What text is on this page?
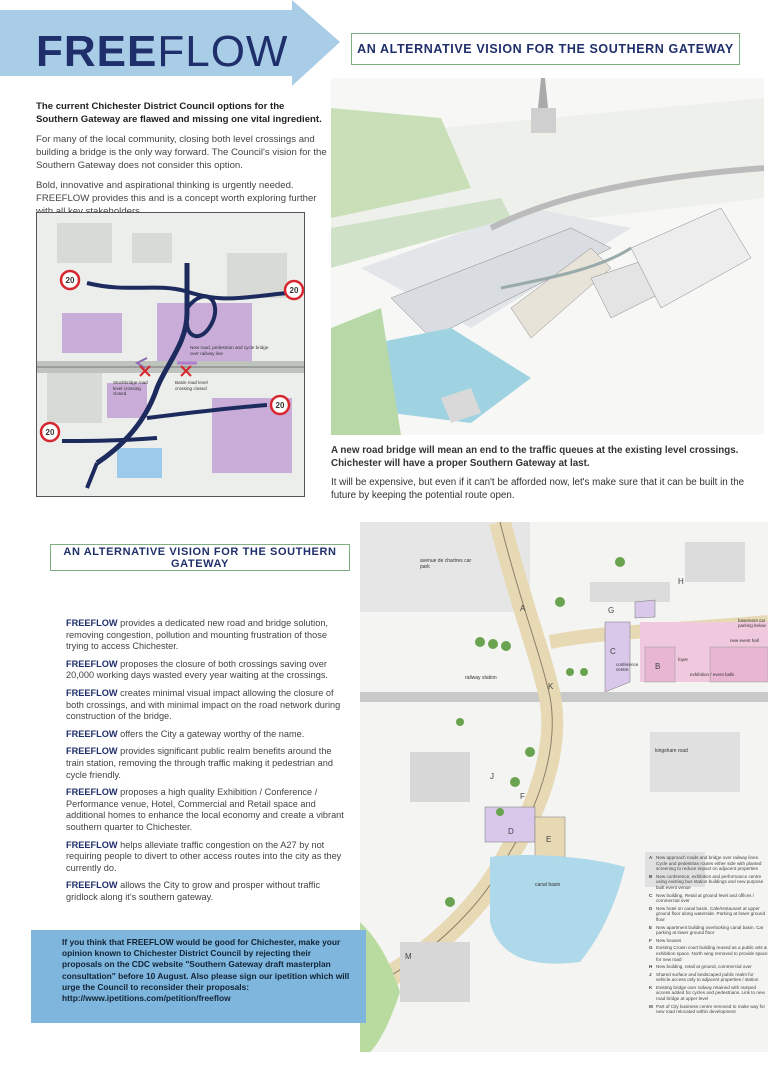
FREEFLOW	AN ALTERNATIVE VISION FOR THE SOUTHERN GATEWAY

The current Chichester District Council options for the Southern Gateway are flawed and missing one vital ingredient.

For many of the local community, closing both level crossings and building a bridge is the only way forward. The Council's vision for the Southern Gateway does not consider this option.

Bold, innovative and aspirational thinking is urgently needed. FREEFLOW provides this and is a concept worth exploring further

20
20
20
20
New road, pedestrian and cycle bridge over railway line
Stockbridge road level crossing closed
Basin road level crossing closed

A new road bridge will mean an end to the traffic queues at the existing level crossings. Chichester will have a proper Southern Gateway at last.

It will be expensive, but even if it can't be afforded now, let's make sure that it can be built in the future by keeping the potential route open.

AN ALTERNATIVE VISION FOR THE SOUTHERN GATEWAY
FREEFLOW provides a dedicated new road and bridge solution, removing congestion, pollution and mounting frustration of those trying to access Chichester.
FREEFLOW proposes the closure of both crossings saving over 20,000 working days wasted every year waiting at the crossings.
FREEFLOW creates minimal visual impact allowing the closure of both crossings, and with minimal impact on the road network during construction of the bridge.
FREEFLOW offers the City a gateway worthy of the name.
FREEFLOW provides significant public realm benefits around the train station, removing the through traffic making it pedestrian and cycle friendly.
FREEFLOW proposes a high quality Exhibition / Conference / Performance venue, Hotel, Commercial and Retail space and additional homes to enhance the local economy and create a vibrant southern quarter to Chichester.
FREEFLOW helps alleviate traffic congestion on the A27 by not requiring people to divert to other access routes into the city as they currently do.
FREEFLOW allows the City to grow and prosper without traffic gridlock along it's southern gateway.
avenue de chartres car park
railway station
kingsham road
canal basin
conference centre
foyer
exhibition / event halls
basement car parking below
new event hall
A
B
C
D
E
F
G
H
J
K
M
A New approach roads and bridge over railway lines. Cycle and pedestrian routes either side with planted screening to reduce impact on adjacent properties
B New conference, exhibition and performance centre using existing bus station buildings and new purpose built event venue
C New building. Retail at ground level and offices / commercial over
D New hotel on canal basin. Cafe/restaurant at upper ground floor along waterside. Parking at lower ground floor
E New apartment building overlooking canal basin. Car parking at lower ground floor
F New houses
G Existing Crown court building reused as a public arts & exhibition space. North wing removed to provide space for new road
H New building, retail at ground, commercial over
J Shared surface and landscaped public realm for vehicle access only to adjacent properties / station
K Existing bridge over railway retained with ramped access added for cycles and pedestrians. Link to new road bridge at upper level
M Part of City business centre removed to make way for new road relocated within development
If you think that FREEFLOW would be good for Chichester, make your opinion known to Chichester District Council by rejecting their proposals on the CDC website "Southern Gateway draft masterplan consultation" before 10 August. Also please sign our ipetition which will urge the Council to reconsider their proposals: http://www.ipetitions.com/petition/freeflow
